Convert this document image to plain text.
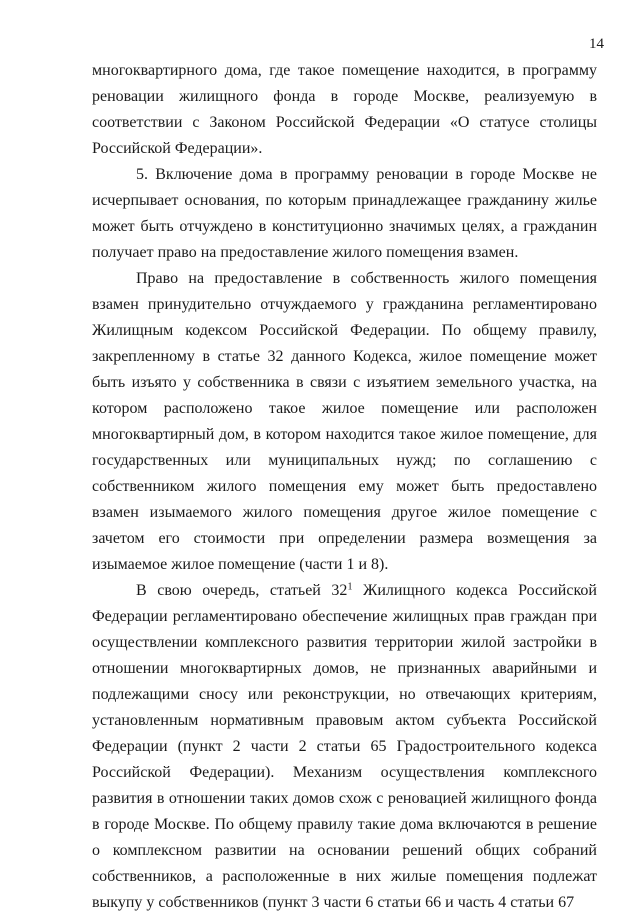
14

многоквартирного дома, где такое помещение находится, в программу реновации жилищного фонда в городе Москве, реализуемую в соответствии с Законом Российской Федерации «О статусе столицы Российской Федерации».

5. Включение дома в программу реновации в городе Москве не исчерпывает основания, по которым принадлежащее гражданину жилье может быть отчуждено в конституционно значимых целях, а гражданин получает право на предоставление жилого помещения взамен.

Право на предоставление в собственность жилого помещения взамен принудительно отчуждаемого у гражданина регламентировано Жилищным кодексом Российской Федерации. По общему правилу, закрепленному в статье 32 данного Кодекса, жилое помещение может быть изъято у собственника в связи с изъятием земельного участка, на котором расположено такое жилое помещение или расположен многоквартирный дом, в котором находится такое жилое помещение, для государственных или муниципальных нужд; по соглашению с собственником жилого помещения ему может быть предоставлено взамен изымаемого жилого помещения другое жилое помещение с зачетом его стоимости при определении размера возмещения за изымаемое жилое помещение (части 1 и 8).

В свою очередь, статьей $32^1$ Жилищного кодекса Российской Федерации регламентировано обеспечение жилищных прав граждан при осуществлении комплексного развития территории жилой застройки в отношении многоквартирных домов, не признанных аварийными и подлежащими сносу или реконструкции, но отвечающих критериям, установленным нормативным правовым актом субъекта Российской Федерации (пункт 2 части 2 статьи 65 Градостроительного кодекса Российской Федерации). Механизм осуществления комплексного развития в отношении таких домов схож с реновацией жилищного фонда в городе Москве. По общему правилу такие дома включаются в решение о комплексном развитии на основании решений общих собраний собственников, а расположенные в них жилые помещения подлежат выкупу у собственников (пункт 3 части 6 статьи 66 и часть 4 статьи 67
